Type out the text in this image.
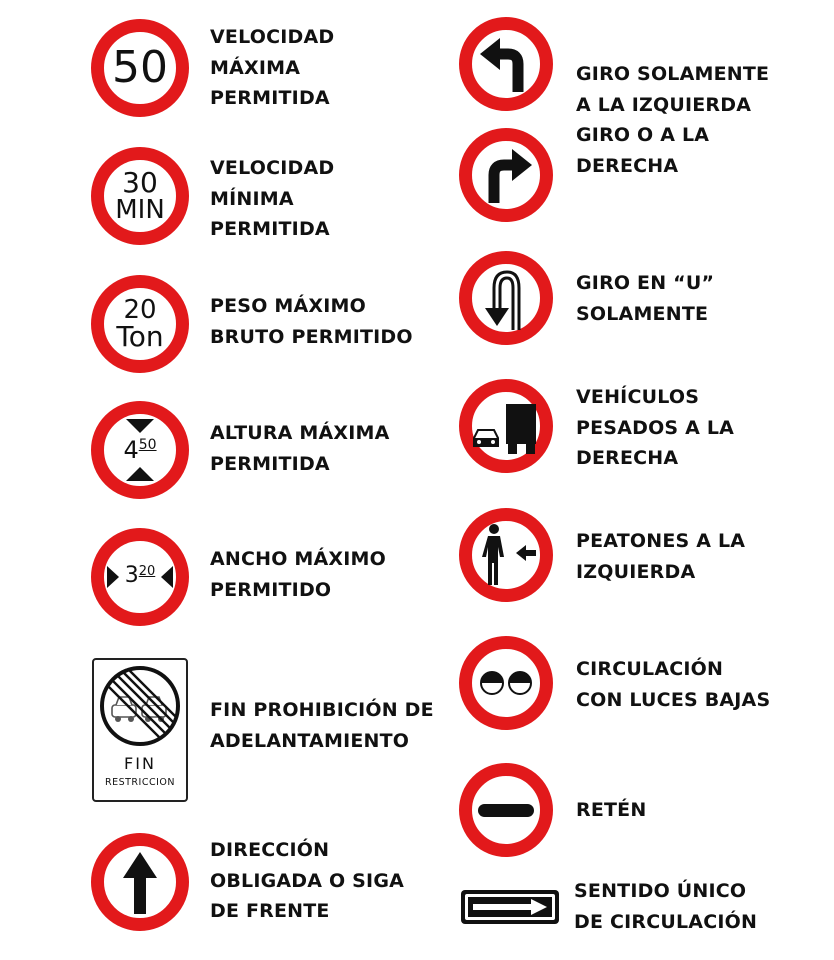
50
VELOCIDAD
MÁXIMA
PERMITIDA
30
MIN
VELOCIDAD
MÍNIMA
PERMITIDA
20
Ton
PESO MÁXIMO
BRUTO PERMITIDO
4 50
ALTURA MÁXIMA
PERMITIDA
3 20
ANCHO MÁXIMO
PERMITIDO
FIN
RESTRICCION
FIN PROHIBICIÓN DE
ADELANTAMIENTO
DIRECCIÓN
OBLIGADA O SIGA
DE FRENTE
GIRO SOLAMENTE
A LA IZQUIERDA
GIRO O A LA
DERECHA
GIRO EN “U”
SOLAMENTE
VEHÍCULOS
PESADOS A LA
DERECHA
PEATONES A LA
IZQUIERDA
CIRCULACIÓN
CON LUCES BAJAS
RETÉN
SENTIDO ÚNICO
DE CIRCULACIÓN
